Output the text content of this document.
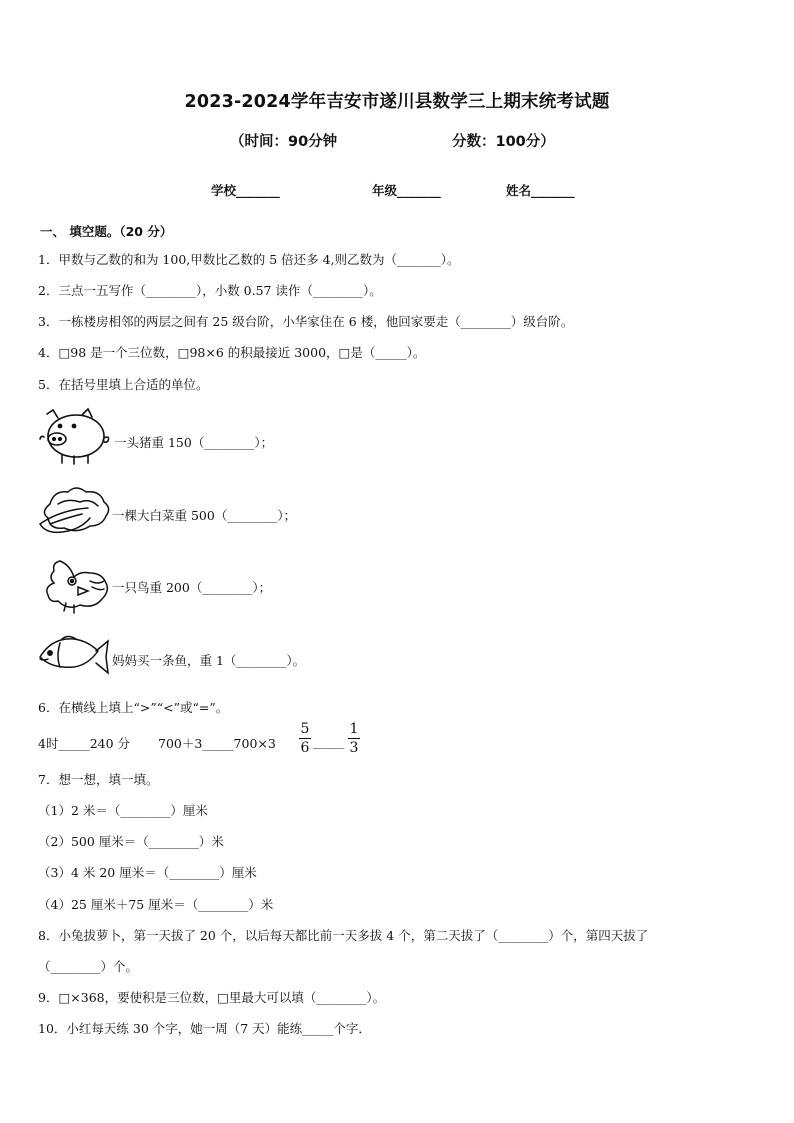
2023-2024学年吉安市遂川县数学三上期末统考试题
（时间：90分钟	分数：100分）
学校_______	年级_______	姓名_______
一、 填空题。（20 分）
1．甲数与乙数的和为 100,甲数比乙数的 5 倍还多 4,则乙数为（_______）。
2．三点一五写作（________），小数 0.57 读作（________）。
3．一栋楼房相邻的两层之间有 25 级台阶，小华家住在 6 楼，他回家要走（________）级台阶。
4．□98 是一个三位数，□98×6 的积最接近 3000，□是（_____）。
5．在括号里填上合适的单位。
一头猪重 150（________）；
一棵大白菜重 500（________）；
一只鸟重 200（________）；
妈妈买一条鱼，重 1（________）。
6．在横线上填上“>”“<”或“=”。
4时_____240 分 700＋3_____700×3
5
6 _____
1
3
7．想一想，填一填。
（1）2 米＝（________）厘米
（2）500 厘米＝（________）米
（3）4 米 20 厘米＝（________）厘米
（4）25 厘米＋75 厘米＝（________）米
8．小兔拔萝卜，第一天拔了 20 个，以后每天都比前一天多拔 4 个，第二天拔了（________）个，第四天拔了
（________）个。
9．□×368，要使积是三位数，□里最大可以填（________）。
10．小红每天练 30 个字，她一周（7 天）能练_____个字．
